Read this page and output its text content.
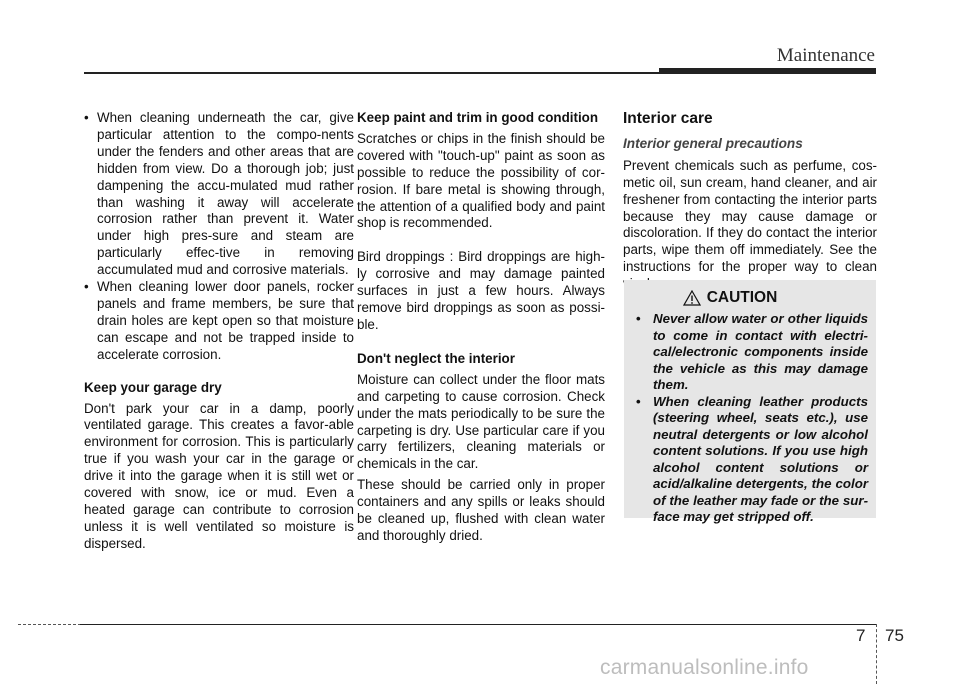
Maintenance
• When cleaning underneath the car, give particular attention to the compo-nents under the fenders and other areas that are hidden from view. Do a thorough job; just dampening the accu-mulated mud rather than washing it away will accelerate corrosion rather than prevent it. Water under high pres-sure and steam are particularly effec-tive in removing accumulated mud and corrosive materials.
• When cleaning lower door panels, rocker panels and frame members, be sure that drain holes are kept open so that moisture can escape and not be trapped inside to accelerate corrosion.

Keep your garage dry

Don't park your car in a damp, poorly ventilated garage. This creates a favor-able environment for corrosion. This is particularly true if you wash your car in the garage or drive it into the garage when it is still wet or covered with snow, ice or mud. Even a heated garage can contribute to corrosion unless it is well ventilated so moisture is dispersed.

Keep paint and trim in good condition

Scratches or chips in the finish should be covered with "touch-up" paint as soon as possible to reduce the possibility of cor-rosion. If bare metal is showing through, the attention of a qualified body and paint shop is recommended.

Bird droppings : Bird droppings are high-ly corrosive and may damage painted surfaces in just a few hours. Always remove bird droppings as soon as possi-ble.

Don't neglect the interior

Moisture can collect under the floor mats and carpeting to cause corrosion. Check under the mats periodically to be sure the carpeting is dry. Use particular care if you carry fertilizers, cleaning materials or chemicals in the car.

These should be carried only in proper containers and any spills or leaks should be cleaned up, flushed with clean water and thoroughly dried.

Interior care

Interior general precautions

Prevent chemicals such as perfume, cos-metic oil, sun cream, hand cleaner, and air freshener from contacting the interior parts because they may cause damage or discoloration. If they do contact the interior parts, wipe them off immediately. See the instructions for the proper way to clean

CAUTION
• Never allow water or other liquids to come in contact with electri-cal/electronic components inside the vehicle as this may damage them.
• When cleaning leather products (steering wheel, seats etc.), use neutral detergents or low alcohol content solutions. If you use high alcohol content solutions or acid/alkaline detergents, the color of the leather may fade or the sur-face may get stripped off.
7 75
carmanualsonline.info
